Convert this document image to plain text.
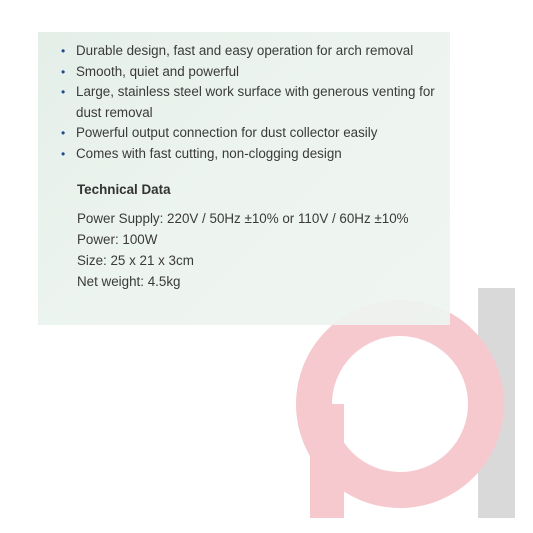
• Durable design, fast and easy operation for arch removal
• Smooth, quiet and powerful
• Large, stainless steel work surface with generous venting for dust removal
• Powerful output connection for dust collector easily
• Comes with fast cutting, non-clogging design
Technical Data
Power Supply: 220V / 50Hz ±10% or 110V / 60Hz ±10%
Power: 100W
Size: 25 x 21 x 3cm
Net weight: 4.5kg
